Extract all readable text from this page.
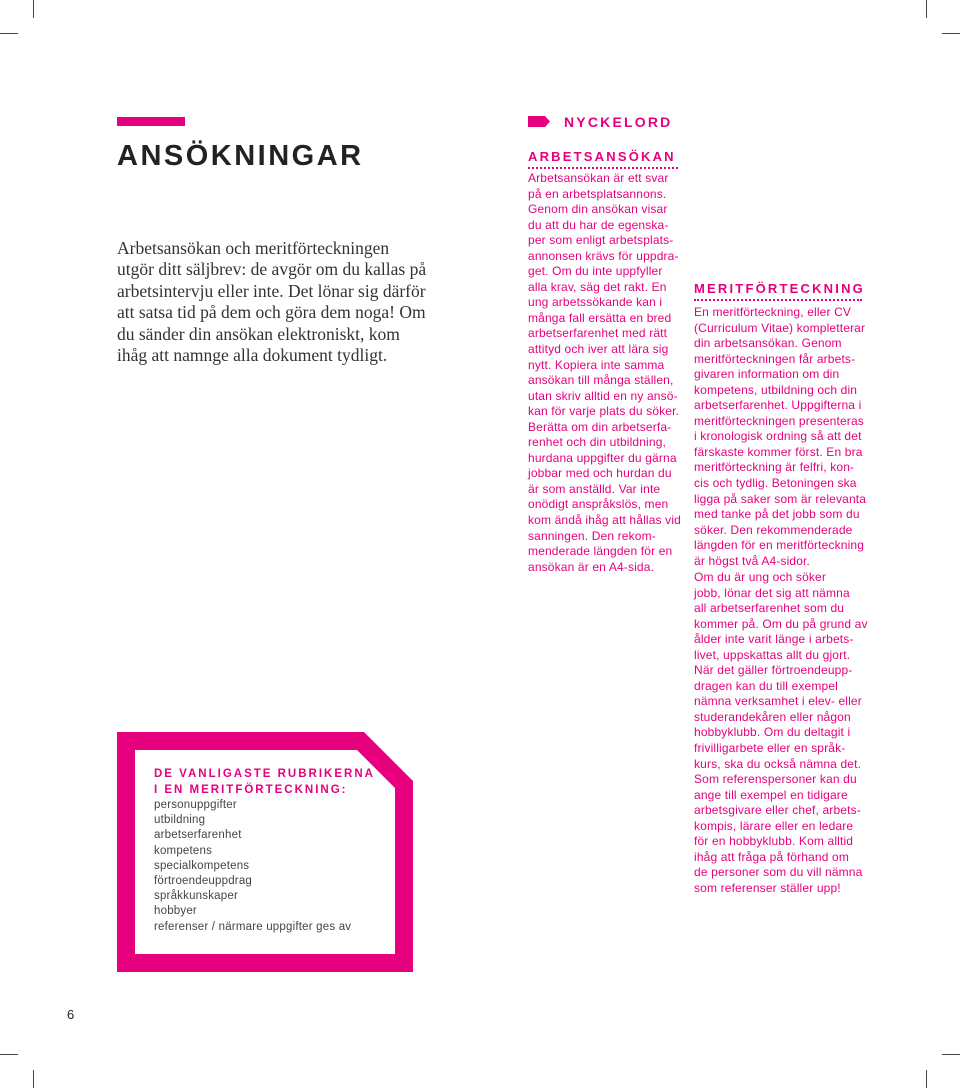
ANSÖKNINGAR
Arbetsansökan och meritförteckningen
utgör ditt säljbrev: de avgör om du kallas på
arbetsintervju eller inte. Det lönar sig därför
att satsa tid på dem och göra dem noga! Om
du sänder din ansökan elektroniskt, kom
ihåg att namnge alla dokument tydligt.
DE VANLIGASTE RUBRIKERNA
I EN MERITFÖRTECKNING:
personuppgifter
utbildning
arbetserfarenhet
kompetens
specialkompetens
förtroendeuppdrag
språkkunskaper
hobbyer
referenser / närmare uppgifter ges av
NYCKELORD
ARBETSANSÖKAN
Arbetsansökan är ett svar
på en arbetsplatsannons.
Genom din ansökan visar
du att du har de egenska-
per som enligt arbetsplats-
annonsen krävs för uppdra-
get. Om du inte uppfyller
alla krav, säg det rakt. En
ung arbetssökande kan i
många fall ersätta en bred
arbetserfarenhet med rätt
attityd och iver att lära sig
nytt. Kopiera inte samma
ansökan till många ställen,
utan skriv alltid en ny ansö-
kan för varje plats du söker.
Berätta om din arbetserfa-
renhet och din utbildning,
hurdana uppgifter du gärna
jobbar med och hurdan du
är som anställd. Var inte
onödigt anspråkslös, men
kom ändå ihåg att hållas vid
sanningen. Den rekom-
menderade längden för en
ansökan är en A4-sida.
MERITFÖRTECKNING
En meritförteckning, eller CV
(Curriculum Vitae) kompletterar
din arbetsansökan. Genom
meritförteckningen får arbets-
givaren information om din
kompetens, utbildning och din
arbetserfarenhet. Uppgifterna i
meritförteckningen presenteras
i kronologisk ordning så att det
färskaste kommer först. En bra
meritförteckning är felfri, kon-
cis och tydlig. Betoningen ska
ligga på saker som är relevanta
med tanke på det jobb som du
söker. Den rekommenderade
längden för en meritförteckning
är högst två A4-sidor.
Om du är ung och söker
jobb, lönar det sig att nämna
all arbetserfarenhet som du
kommer på. Om du på grund av
ålder inte varit länge i arbets-
livet, uppskattas allt du gjort.
När det gäller förtroendeupp-
dragen kan du till exempel
nämna verksamhet i elev- eller
studerandekåren eller någon
hobbyklubb. Om du deltagit i
frivilligarbete eller en språk-
kurs, ska du också nämna det.
Som referenspersoner kan du
ange till exempel en tidigare
arbetsgivare eller chef, arbets-
kompis, lärare eller en ledare
för en hobbyklubb. Kom alltid
ihåg att fråga på förhand om
de personer som du vill nämna
som referenser ställer upp!
6
